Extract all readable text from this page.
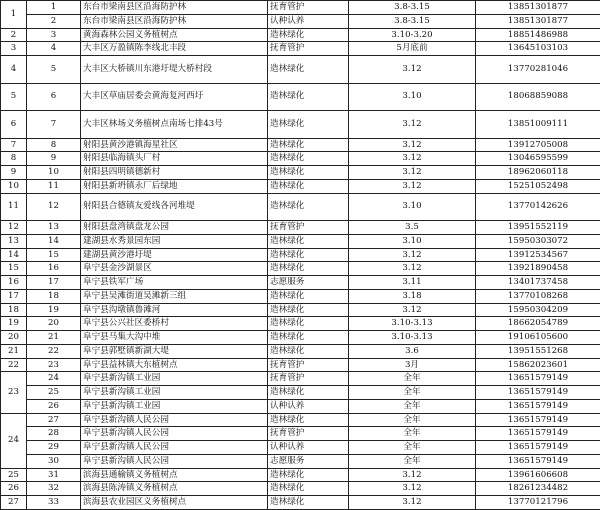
1	1	东台市梁南县区沿海防护林	抚育管护	3.8-3.15	13851301877
	2	东台市梁南县区沿海防护林	认种认养	3.8-3.15	13851301877
2	3	黄海森林公园义务植树点	造林绿化	3.10-3.20	18851486988
3	4	大丰区万盈镇陈李线北丰段	抚育管护	5月底前	13645103103
4	5	大丰区大桥镇川东港圩堤大桥村段	造林绿化	3.12	13770281046
5	6	大丰区草庙居委会黄海复河西圩	造林绿化	3.10	18068859088
6	7	大丰区林场义务植树点南场七排43号	造林绿化	3.12	13851009111
7	8	射阳县黄沙港镇海星社区	造林绿化	3.12	13912705008
8	9	射阳县临海镇头厂村	造林绿化	3.12	13046595599
9	10	射阳县四明镇德新村	造林绿化	3.12	18962060118
10	11	射阳县新坍镇永厂后绿地	造林绿化	3.12	15251052498
11	12	射阳县合德镇友爱线各河堆堤	造林绿化	3.10	13770142626
12	13	射阳县盘湾镇盘龙公园	抚育管护	3.5	13951552119
13	14	建湖县水秀景园东园	造林绿化	3.10	15950303072
14	15	建湖县黄沙港圩堤	造林绿化	3.12	13912534567
15	16	阜宁县金沙湖景区	造林绿化	3.12	13921890458
16	17	阜宁县铁军广场	志愿服务	3.11	13401737458
17	18	阜宁县吴滩街道吴滩新三组	造林绿化	3.18	13770108268
18	19	阜宁县沟墩镇鲁滩河	造林绿化	3.12	15950304209
19	20	阜宁县公兴社区委桥村	造林绿化	3.10-3.13	18662054789
20	21	阜宁县马集大沟中堆	造林绿化	3.10-3.13	19106105600
21	22	阜宁县郭墅镇新湖大堤	造林绿化	3.6	13951551268
22	23	阜宁县益林镇大东植树点	抚育管护	3月	15862023601
23	24	阜宁县新沟镇工业园	抚育管护	全年	13651579149
	25	阜宁县新沟镇工业园	造林绿化	全年	13651579149
	26	阜宁县新沟镇工业园	认种认养	全年	13651579149
24	27	阜宁县新沟镇人民公园	造林绿化	全年	13651579149
	28	阜宁县新沟镇人民公园	抚育管护	全年	13651579149
	29	阜宁县新沟镇人民公园	认种认养	全年	13651579149
	30	阜宁县新沟镇人民公园	志愿服务	全年	13651579149
25	31	滨海县通榆镇义务植树点	造林绿化	3.12	13961606608
26	32	滨海县陈涛镇义务植树点	造林绿化	3.12	18261234482
27	33	滨海县农业园区义务植树点	造林绿化	3.12	13770121796
